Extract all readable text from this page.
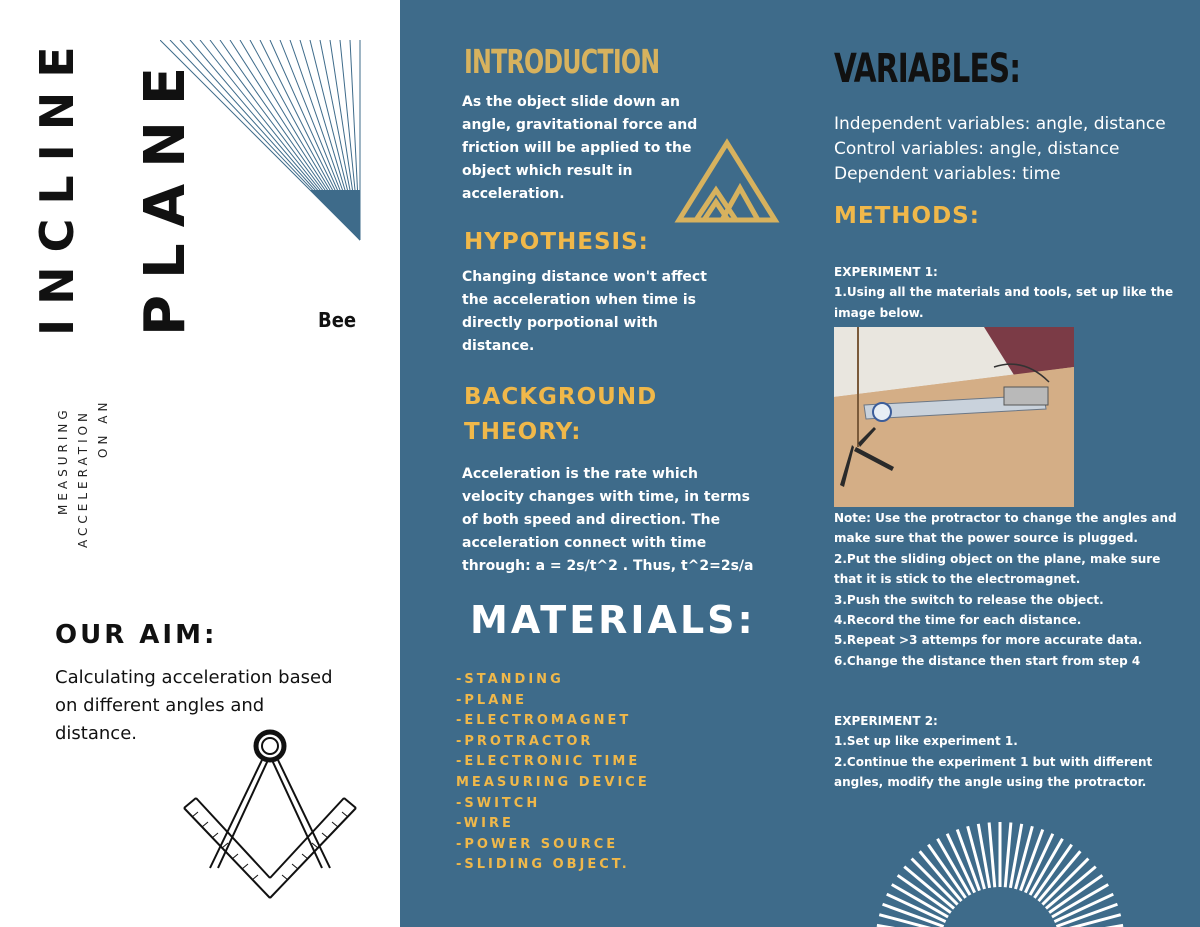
INCLINE PLANE	Bee
MEASURING ACCELERATION ON AN
OUR AIM:
Calculating acceleration based on different angles and distance.
INTRODUCTION
As the object slide down an angle, gravitational force and friction will be applied to the object which result in acceleration.
HYPOTHESIS:
Changing distance won't affect the acceleration when time is directly porpotional with distance.
BACKGROUND
THEORY:
Acceleration is the rate which velocity changes with time, in terms of both speed and direction. The acceleration connect with time through: a = 2s/t^2 . Thus, t^2=2s/a
MATERIALS:
-STANDING
-PLANE
-ELECTROMAGNET
-PROTRACTOR
-ELECTRONIC TIME MEASURING DEVICE
-SWITCH
-WIRE
-POWER SOURCE
-SLIDING OBJECT.
VARIABLES:
Independent variables: angle, distance
Control variables: angle, distance
Dependent variables: time
METHODS:
EXPERIMENT 1:
1.Using all the materials and tools, set up like the image below.
Note: Use the protractor to change the angles and make sure that the power source is plugged.
2.Put the sliding object on the plane, make sure that it is stick to the electromagnet.
3.Push the switch to release the object.
4.Record the time for each distance.
5.Repeat >3 attemps for more accurate data.
6.Change the distance then start from step 4
EXPERIMENT 2:
1.Set up like experiment 1.
2.Continue the experiment 1 but with different angles, modify the angle using the protractor.
